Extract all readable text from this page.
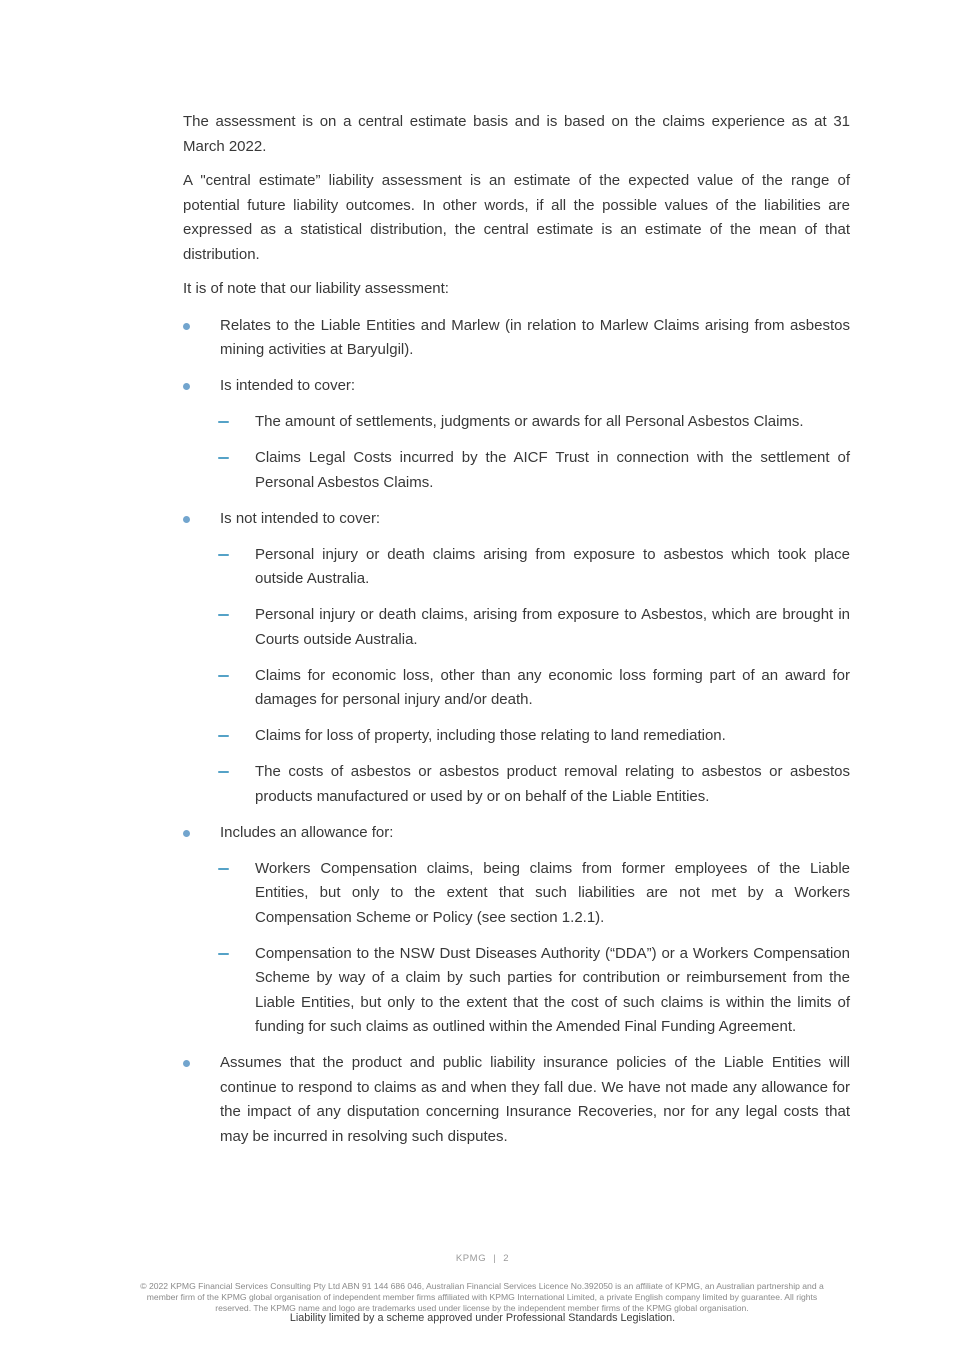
The assessment is on a central estimate basis and is based on the claims experience as at 31 March 2022.

A "central estimate” liability assessment is an estimate of the expected value of the range of potential future liability outcomes. In other words, if all the possible values of the liabilities are expressed as a statistical distribution, the central estimate is an estimate of the mean of that distribution.

It is of note that our liability assessment:

Relates to the Liable Entities and Marlew (in relation to Marlew Claims arising from asbestos mining activities at Baryulgil).
Is intended to cover:
The amount of settlements, judgments or awards for all Personal Asbestos Claims.
Claims Legal Costs incurred by the AICF Trust in connection with the settlement of Personal Asbestos Claims.
Is not intended to cover:
Personal injury or death claims arising from exposure to asbestos which took place outside Australia.
Personal injury or death claims, arising from exposure to Asbestos, which are brought in Courts outside Australia.
Claims for economic loss, other than any economic loss forming part of an award for damages for personal injury and/or death.
Claims for loss of property, including those relating to land remediation.
The costs of asbestos or asbestos product removal relating to asbestos or asbestos products manufactured or used by or on behalf of the Liable Entities.
Includes an allowance for:
Workers Compensation claims, being claims from former employees of the Liable Entities, but only to the extent that such liabilities are not met by a Workers Compensation Scheme or Policy (see section 1.2.1).
Compensation to the NSW Dust Diseases Authority (“DDA”) or a Workers Compensation Scheme by way of a claim by such parties for contribution or reimbursement from the Liable Entities, but only to the extent that the cost of such claims is within the limits of funding for such claims as outlined within the Amended Final Funding Agreement.
Assumes that the product and public liability insurance policies of the Liable Entities will continue to respond to claims as and when they fall due. We have not made any allowance for the impact of any disputation concerning Insurance Recoveries, nor for any legal costs that may be incurred in resolving such disputes.
KPMG | 2
© 2022 KPMG Financial Services Consulting Pty Ltd ABN 91 144 686 046, Australian Financial Services Licence No.392050 is an affiliate of KPMG, an Australian partnership and a member firm of the KPMG global organisation of independent member firms affiliated with KPMG International Limited, a private English company limited by guarantee. All rights reserved. The KPMG name and logo are trademarks used under license by the independent member firms of the KPMG global organisation.
Liability limited by a scheme approved under Professional Standards Legislation.
